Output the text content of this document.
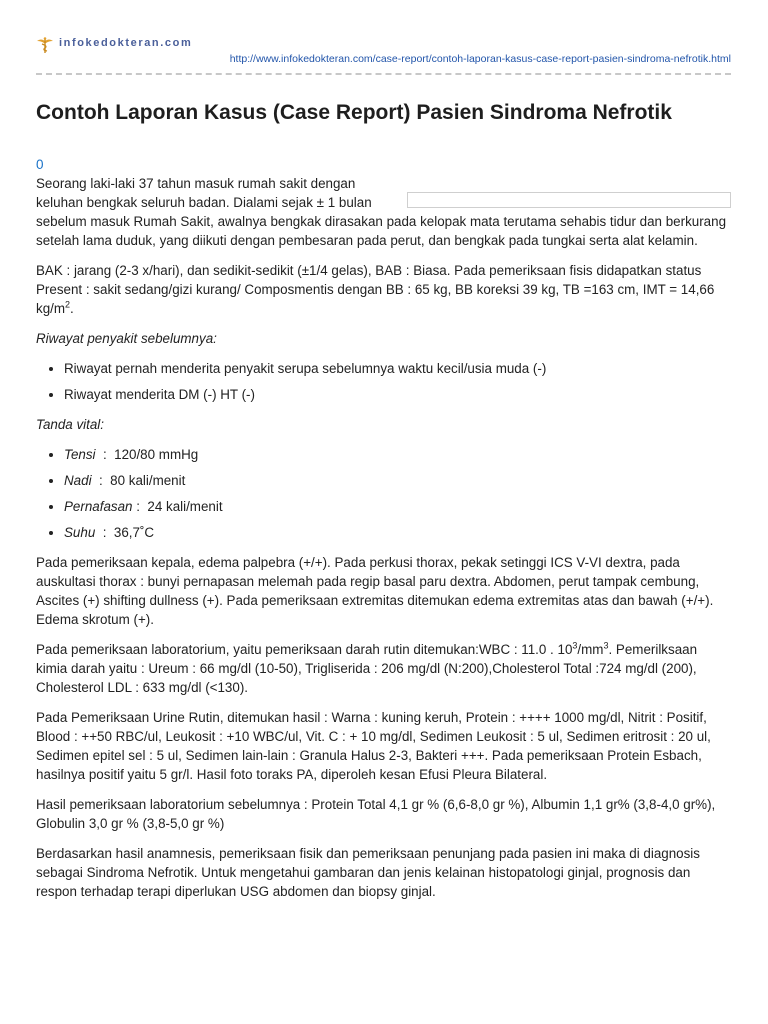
infokedokteran.com
http://www.infokedokteran.com/case-report/contoh-laporan-kasus-case-report-pasien-sindroma-nefrotik.html
Contoh Laporan Kasus (Case Report) Pasien Sindroma Nefrotik
0

Seorang laki-laki 37 tahun masuk rumah sakit dengan keluhan bengkak seluruh badan. Dialami sejak ± 1 bulan sebelum masuk Rumah Sakit, awalnya bengkak dirasakan pada kelopak mata terutama sehabis tidur dan berkurang setelah lama duduk, yang diikuti dengan pembesaran pada perut, dan bengkak pada tungkai serta alat kelamin.

BAK : jarang (2-3 x/hari), dan sedikit-sedikit (±1/4 gelas), BAB : Biasa. Pada pemeriksaan fisis didapatkan status Present : sakit sedang/gizi kurang/ Composmentis dengan BB : 65 kg, BB koreksi 39 kg, TB =163 cm, IMT = 14,66 $kg/m^2$.

Riwayat penyakit sebelumnya:

• Riwayat pernah menderita penyakit serupa sebelumnya waktu kecil/usia muda (-)
• Riwayat menderita DM (-) HT (-)

Tanda vital:

• Tensi  :  120/80 mmHg
• Nadi  :  80 kali/menit
• Pernafasan :  24 kali/menit
• Suhu  :  36,7˚C

Pada pemeriksaan kepala, edema palpebra (+/+). Pada perkusi thorax, pekak setinggi ICS V-VI dextra, pada auskultasi thorax : bunyi pernapasan melemah pada regip basal paru dextra. Abdomen, perut tampak cembung, Ascites (+) shifting dullness (+). Pada pemeriksaan extremitas ditemukan edema extremitas atas dan bawah (+/+). Edema skrotum (+).

Pada pemeriksaan laboratorium, yaitu pemeriksaan darah rutin ditemukan:WBC : 11.0 . $10^3/mm^3$. Pemerilksaan kimia darah yaitu : Ureum : 66 mg/dl (10-50), Trigliserida : 206 mg/dl (N:200),Cholesterol Total :724 mg/dl (200), Cholesterol LDL : 633 mg/dl (<130).

Pada Pemeriksaan Urine Rutin, ditemukan hasil : Warna : kuning keruh, Protein : ++++ 1000 mg/dl, Nitrit : Positif, Blood : ++50 RBC/ul, Leukosit : +10 WBC/ul, Vit. C : + 10 mg/dl, Sedimen Leukosit : 5 ul, Sedimen eritrosit : 20 ul, Sedimen epitel sel : 5 ul, Sedimen lain-lain : Granula Halus 2-3, Bakteri +++. Pada pemeriksaan Protein Esbach, hasilnya positif yaitu 5 gr/l. Hasil foto toraks PA, diperoleh kesan Efusi Pleura Bilateral.

Hasil pemeriksaan laboratorium sebelumnya : Protein Total 4,1 gr % (6,6-8,0 gr %), Albumin 1,1 gr% (3,8-4,0 gr%), Globulin 3,0 gr % (3,8-5,0 gr %)

Berdasarkan hasil anamnesis, pemeriksaan fisik dan pemeriksaan penunjang pada pasien ini maka di diagnosis sebagai Sindroma Nefrotik. Untuk mengetahui gambaran dan jenis kelainan histopatologi ginjal, prognosis dan respon terhadap terapi diperlukan USG abdomen dan biopsy ginjal.
